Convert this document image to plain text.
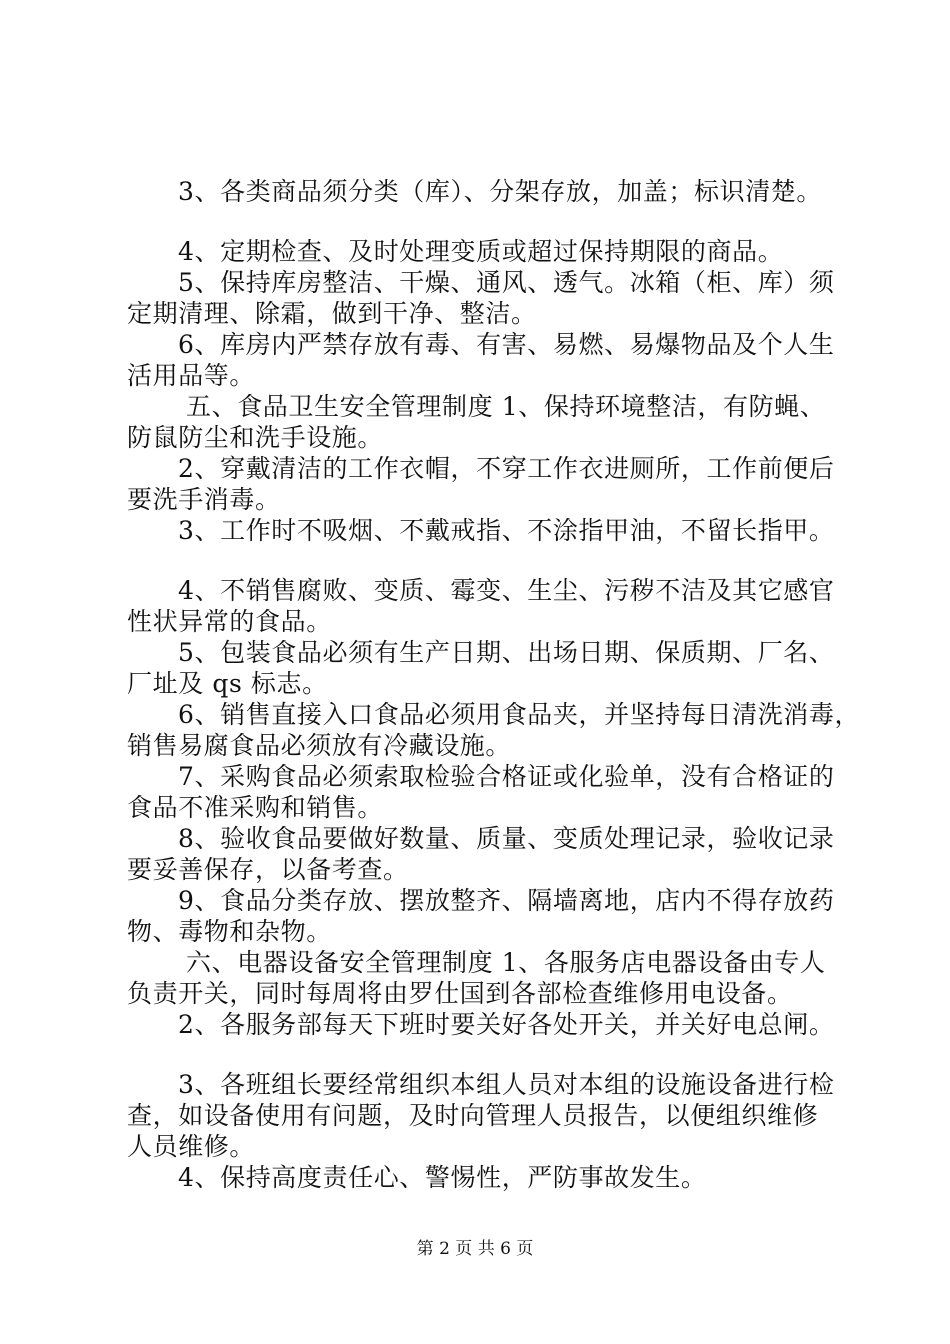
3、各类商品须分类（库）、分架存放，加盖；标识清楚。
4、定期检查、及时处理变质或超过保持期限的商品。
5、保持库房整洁、干燥、通风、透气。冰箱（柜、库）须
定期清理、除霜，做到干净、整洁。
6、库房内严禁存放有毒、有害、易燃、易爆物品及个人生
活用品等。
五、食品卫生安全管理制度 1、保持环境整洁，有防蝇、
防鼠防尘和洗手设施。
2、穿戴清洁的工作衣帽，不穿工作衣进厕所，工作前便后
要洗手消毒。
3、工作时不吸烟、不戴戒指、不涂指甲油，不留长指甲。
4、不销售腐败、变质、霉变、生尘、污秽不洁及其它感官
性状异常的食品。
5、包装食品必须有生产日期、出场日期、保质期、厂名、
厂址及 qs 标志。
6、销售直接入口食品必须用食品夹，并坚持每日清洗消毒，
销售易腐食品必须放有冷藏设施。
7、采购食品必须索取检验合格证或化验单，没有合格证的
食品不准采购和销售。
8、验收食品要做好数量、质量、变质处理记录，验收记录
要妥善保存，以备考查。
9、食品分类存放、摆放整齐、隔墙离地，店内不得存放药
物、毒物和杂物。
六、电器设备安全管理制度 1、各服务店电器设备由专人
负责开关，同时每周将由罗仕国到各部检查维修用电设备。
2、各服务部每天下班时要关好各处开关，并关好电总闸。
3、各班组长要经常组织本组人员对本组的设施设备进行检
查，如设备使用有问题，及时向管理人员报告，以便组织维修
人员维修。
4、保持高度责任心、警惕性，严防事故发生。
第 2 页 共 6 页
